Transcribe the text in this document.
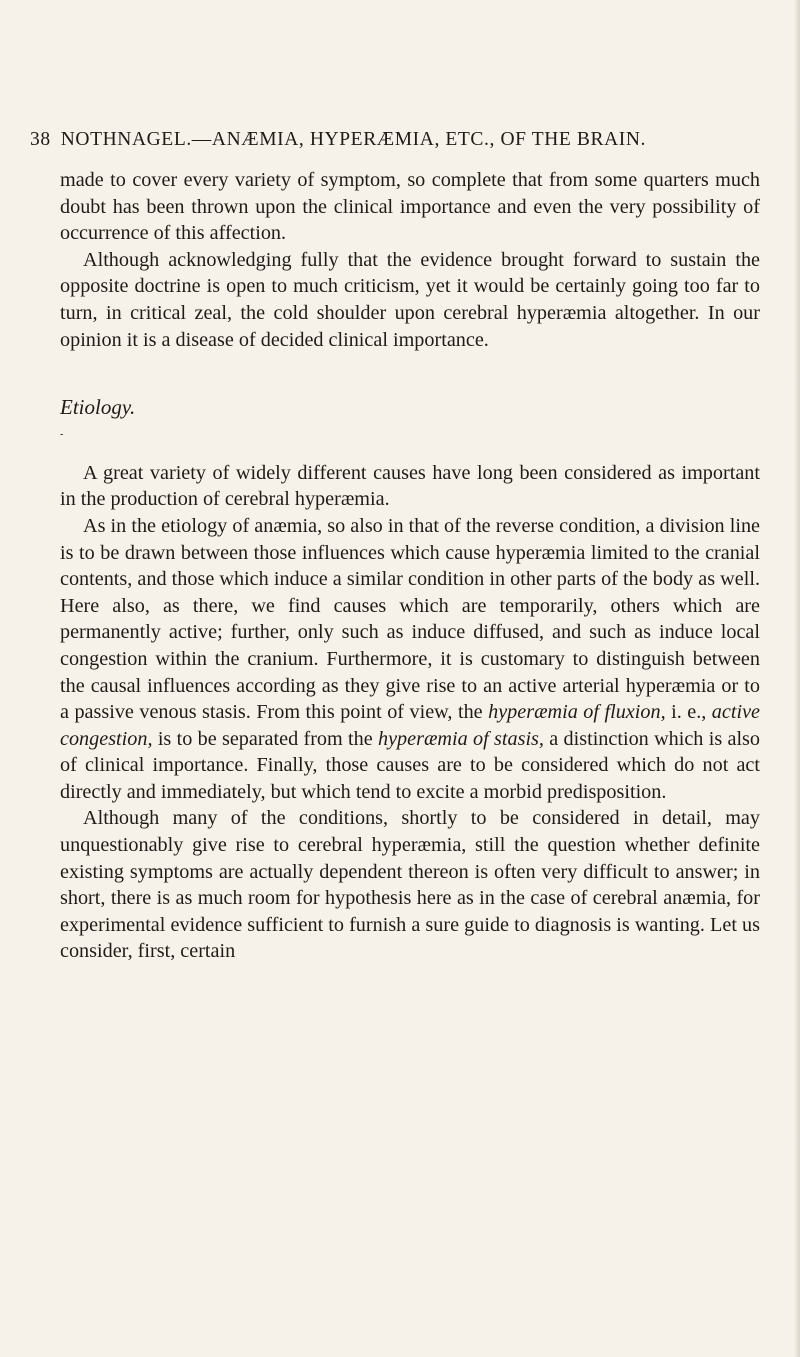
38 NOTHNAGEL.—ANÆMIA, HYPERÆMIA, ETC., OF THE BRAIN.

made to cover every variety of symptom, so complete that from some quarters much doubt has been thrown upon the clinical importance and even the very possibility of occurrence of this affection.

Although acknowledging fully that the evidence brought forward to sustain the opposite doctrine is open to much criticism, yet it would be certainly going too far to turn, in critical zeal, the cold shoulder upon cerebral hyperæmia altogether. In our opinion it is a disease of decided clinical importance.

Etiology.

-

A great variety of widely different causes have long been considered as important in the production of cerebral hyperæmia.

As in the etiology of anæmia, so also in that of the reverse condition, a division line is to be drawn between those influences which cause hyperæmia limited to the cranial contents, and those which induce a similar condition in other parts of the body as well. Here also, as there, we find causes which are temporarily, others which are permanently active; further, only such as induce diffused, and such as induce local congestion within the cranium. Furthermore, it is customary to distinguish between the causal influences according as they give rise to an active arterial hyperæmia or to a passive venous stasis. From this point of view, the hyperæmia of fluxion, i. e., active congestion, is to be separated from the hyperæmia of stasis, a distinction which is also of clinical importance. Finally, those causes are to be considered which do not act directly and immediately, but which tend to excite a morbid predisposition.

Although many of the conditions, shortly to be considered in detail, may unquestionably give rise to cerebral hyperæmia, still the question whether definite existing symptoms are actually dependent thereon is often very difficult to answer; in short, there is as much room for hypothesis here as in the case of cerebral anæmia, for experimental evidence sufficient to furnish a sure guide to diagnosis is wanting. Let us consider, first, certain
